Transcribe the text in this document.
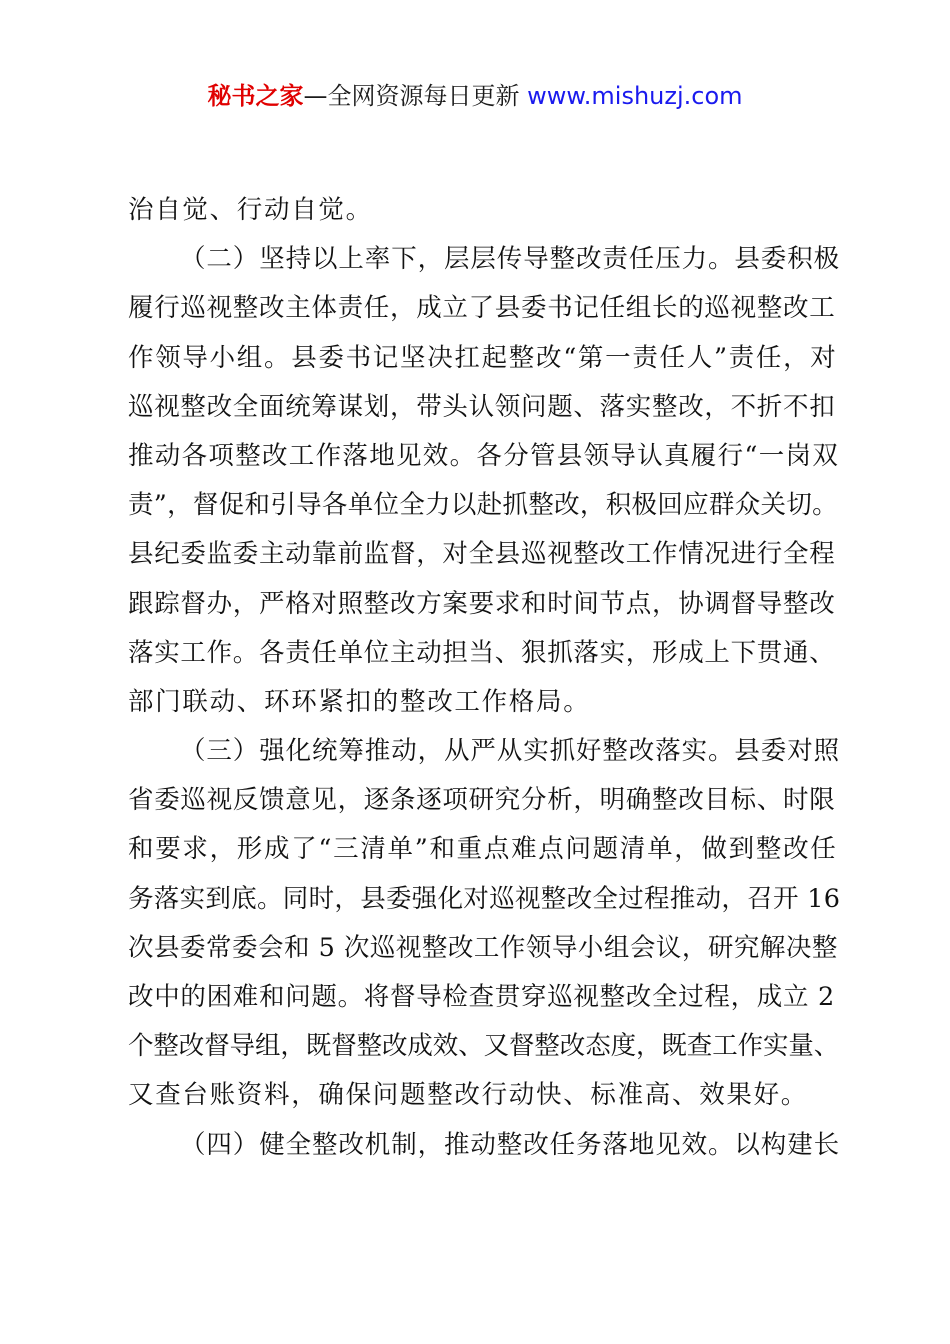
秘书之家—全网资源每日更新 www.mishuzj.com
治自觉、行动自觉。
（二）坚持以上率下，层层传导整改责任压力。县委积极
履行巡视整改主体责任，成立了县委书记任组长的巡视整改工
作领导小组。县委书记坚决扛起整改“第一责任人”责任，对
巡视整改全面统筹谋划，带头认领问题、落实整改，不折不扣
推动各项整改工作落地见效。各分管县领导认真履行“一岗双
责”，督促和引导各单位全力以赴抓整改，积极回应群众关切。
县纪委监委主动靠前监督，对全县巡视整改工作情况进行全程
跟踪督办，严格对照整改方案要求和时间节点，协调督导整改
落实工作。各责任单位主动担当、狠抓落实，形成上下贯通、
部门联动、环环紧扣的整改工作格局。
（三）强化统筹推动，从严从实抓好整改落实。县委对照
省委巡视反馈意见，逐条逐项研究分析，明确整改目标、时限
和要求，形成了“三清单”和重点难点问题清单，做到整改任
务落实到底。同时，县委强化对巡视整改全过程推动，召开 16
次县委常委会和 5 次巡视整改工作领导小组会议，研究解决整
改中的困难和问题。将督导检查贯穿巡视整改全过程，成立 2
个整改督导组，既督整改成效、又督整改态度，既查工作实量、
又查台账资料，确保问题整改行动快、标准高、效果好。
（四）健全整改机制，推动整改任务落地见效。以构建长
